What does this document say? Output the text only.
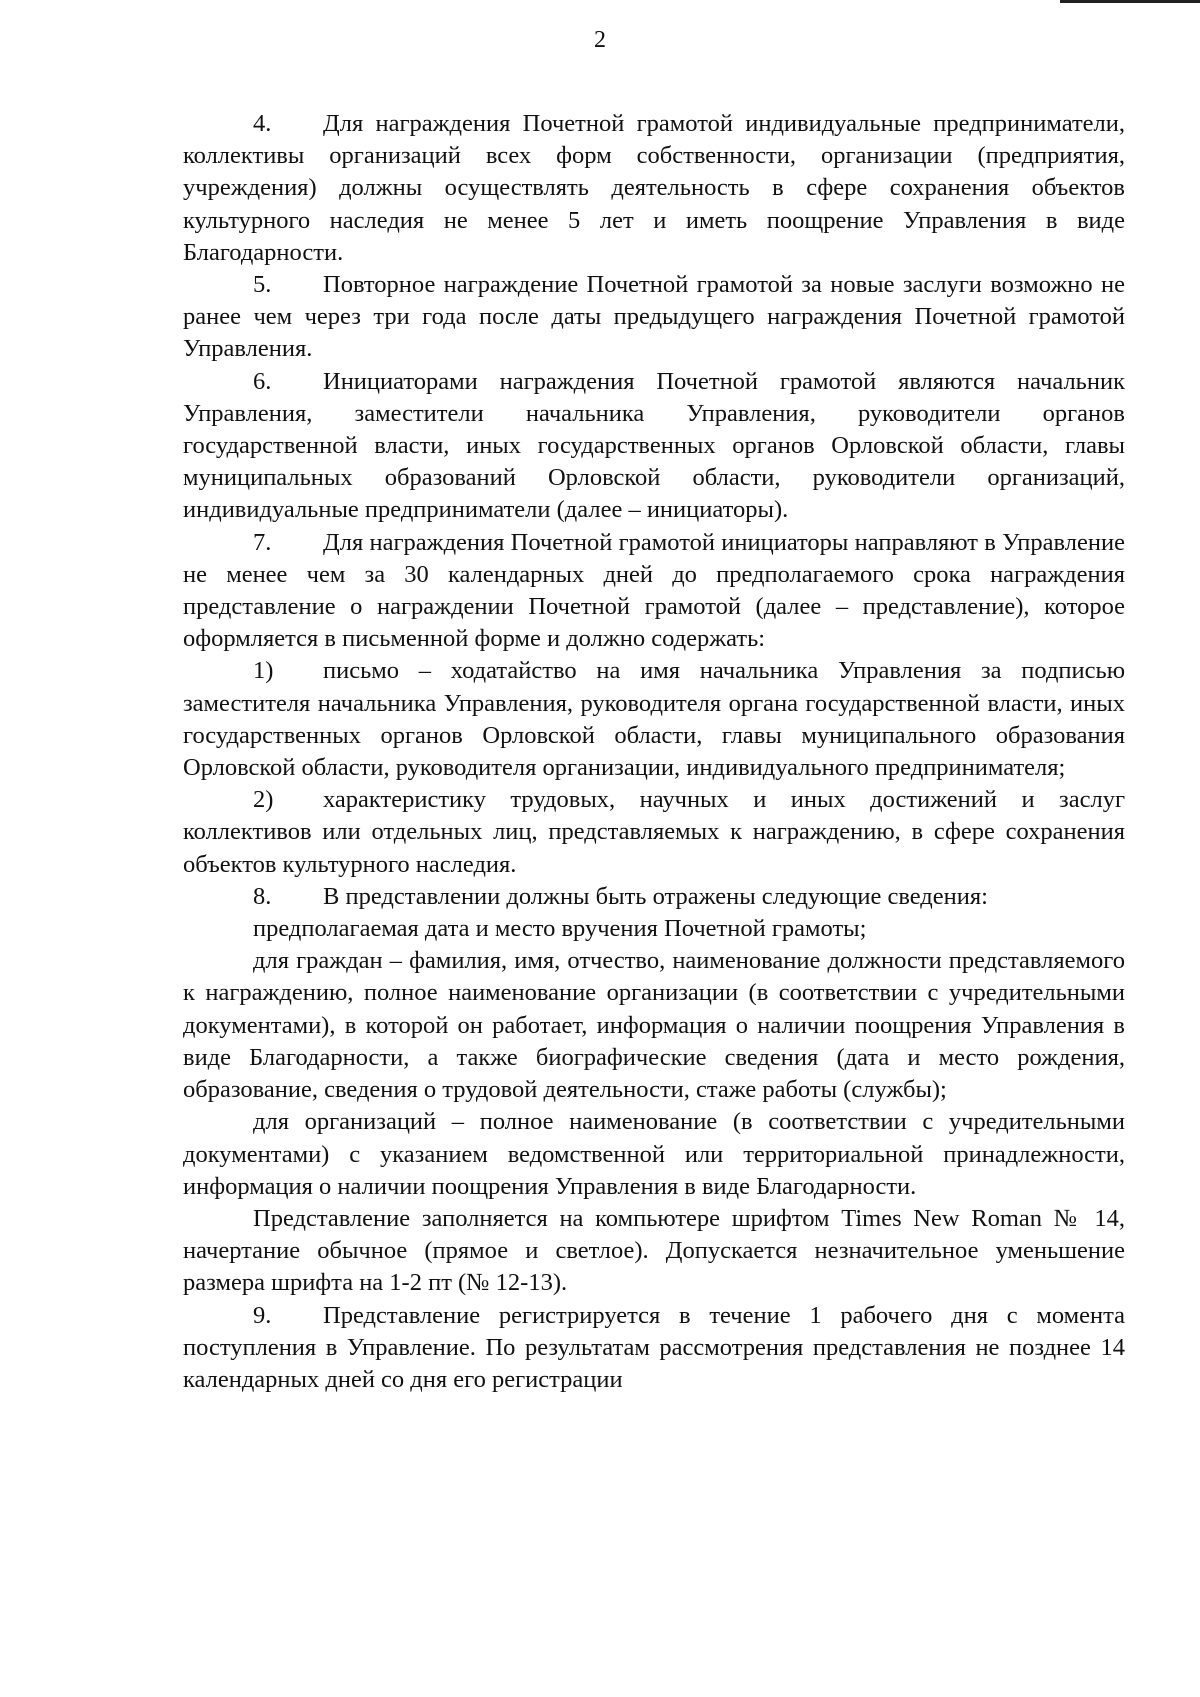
2

4. Для награждения Почетной грамотой индивидуальные предприниматели, коллективы организаций всех форм собственности, организации (предприятия, учреждения) должны осуществлять деятельность в сфере сохранения объектов культурного наследия не менее 5 лет и иметь поощрение Управления в виде Благодарности.

5. Повторное награждение Почетной грамотой за новые заслуги возможно не ранее чем через три года после даты предыдущего награждения Почетной грамотой Управления.

6. Инициаторами награждения Почетной грамотой являются начальник Управления, заместители начальника Управления, руководители органов государственной власти, иных государственных органов Орловской области, главы муниципальных образований Орловской области, руководители организаций, индивидуальные предприниматели (далее – инициаторы).

7. Для награждения Почетной грамотой инициаторы направляют в Управление не менее чем за 30 календарных дней до предполагаемого срока награждения представление о награждении Почетной грамотой (далее – представление), которое оформляется в письменной форме и должно содержать:

1) письмо – ходатайство на имя начальника Управления за подписью заместителя начальника Управления, руководителя органа государственной власти, иных государственных органов Орловской области, главы муниципального образования Орловской области, руководителя организации, индивидуального предпринимателя;

2) характеристику трудовых, научных и иных достижений и заслуг коллективов или отдельных лиц, представляемых к награждению, в сфере сохранения объектов культурного наследия.

8. В представлении должны быть отражены следующие сведения:

предполагаемая дата и место вручения Почетной грамоты;

для граждан – фамилия, имя, отчество, наименование должности представляемого к награждению, полное наименование организации (в соответствии с учредительными документами), в которой он работает, информация о наличии поощрения Управления в виде Благодарности, а также биографические сведения (дата и место рождения, образование, сведения о трудовой деятельности, стаже работы (службы);

для организаций – полное наименование (в соответствии с учредительными документами) с указанием ведомственной или территориальной принадлежности, информация о наличии поощрения Управления в виде Благодарности.

Представление заполняется на компьютере шрифтом Times New Roman № 14, начертание обычное (прямое и светлое). Допускается незначительное уменьшение размера шрифта на 1-2 пт (№ 12-13).

9. Представление регистрируется в течение 1 рабочего дня с момента поступления в Управление. По результатам рассмотрения представления не позднее 14 календарных дней со дня его регистрации
